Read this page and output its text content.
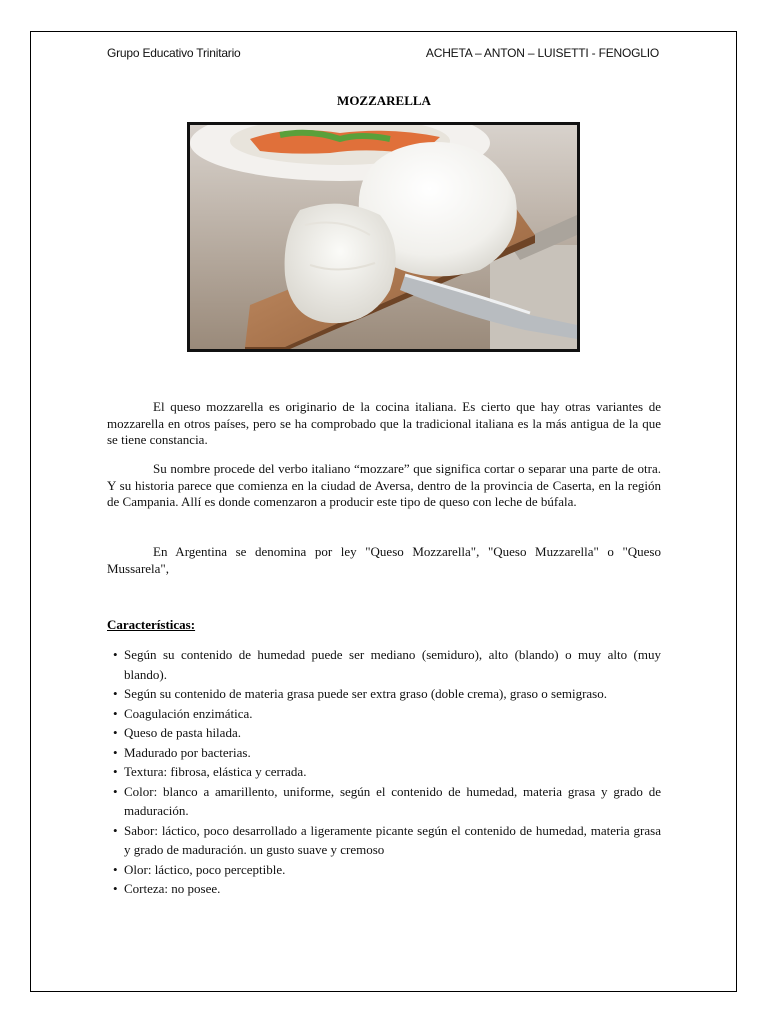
Grupo Educativo Trinitario	ACHETA – ANTON – LUISETTI - FENOGLIO
MOZZARELLA

El queso mozzarella es originario de la cocina italiana. Es cierto que hay otras variantes de mozzarella en otros países, pero se ha comprobado que la tradicional italiana es la más antigua de la que se tiene constancia.

Su nombre procede del verbo italiano “mozzare” que significa cortar o separar una parte de otra. Y su historia parece que comienza en la ciudad de Aversa, dentro de la provincia de Caserta, en la región de Campania. Allí es donde comenzaron a producir este tipo de queso con leche de búfala.

En Argentina se denomina por ley "Queso Mozzarella", "Queso Muzzarella" o "Queso Mussarela",

Características:
• Según su contenido de humedad puede ser mediano (semiduro), alto (blando) o muy alto (muy blando).
• Según su contenido de materia grasa puede ser extra graso (doble crema), graso o semigraso.
• Coagulación enzimática.
• Queso de pasta hilada.
• Madurado por bacterias.
• Textura: fibrosa, elástica y cerrada.
• Color: blanco a amarillento, uniforme, según el contenido de humedad, materia grasa y grado de maduración.
• Sabor: láctico, poco desarrollado a ligeramente picante según el contenido de humedad, materia grasa y grado de maduración. un gusto suave y cremoso
• Olor: láctico, poco perceptible.
• Corteza: no posee.
